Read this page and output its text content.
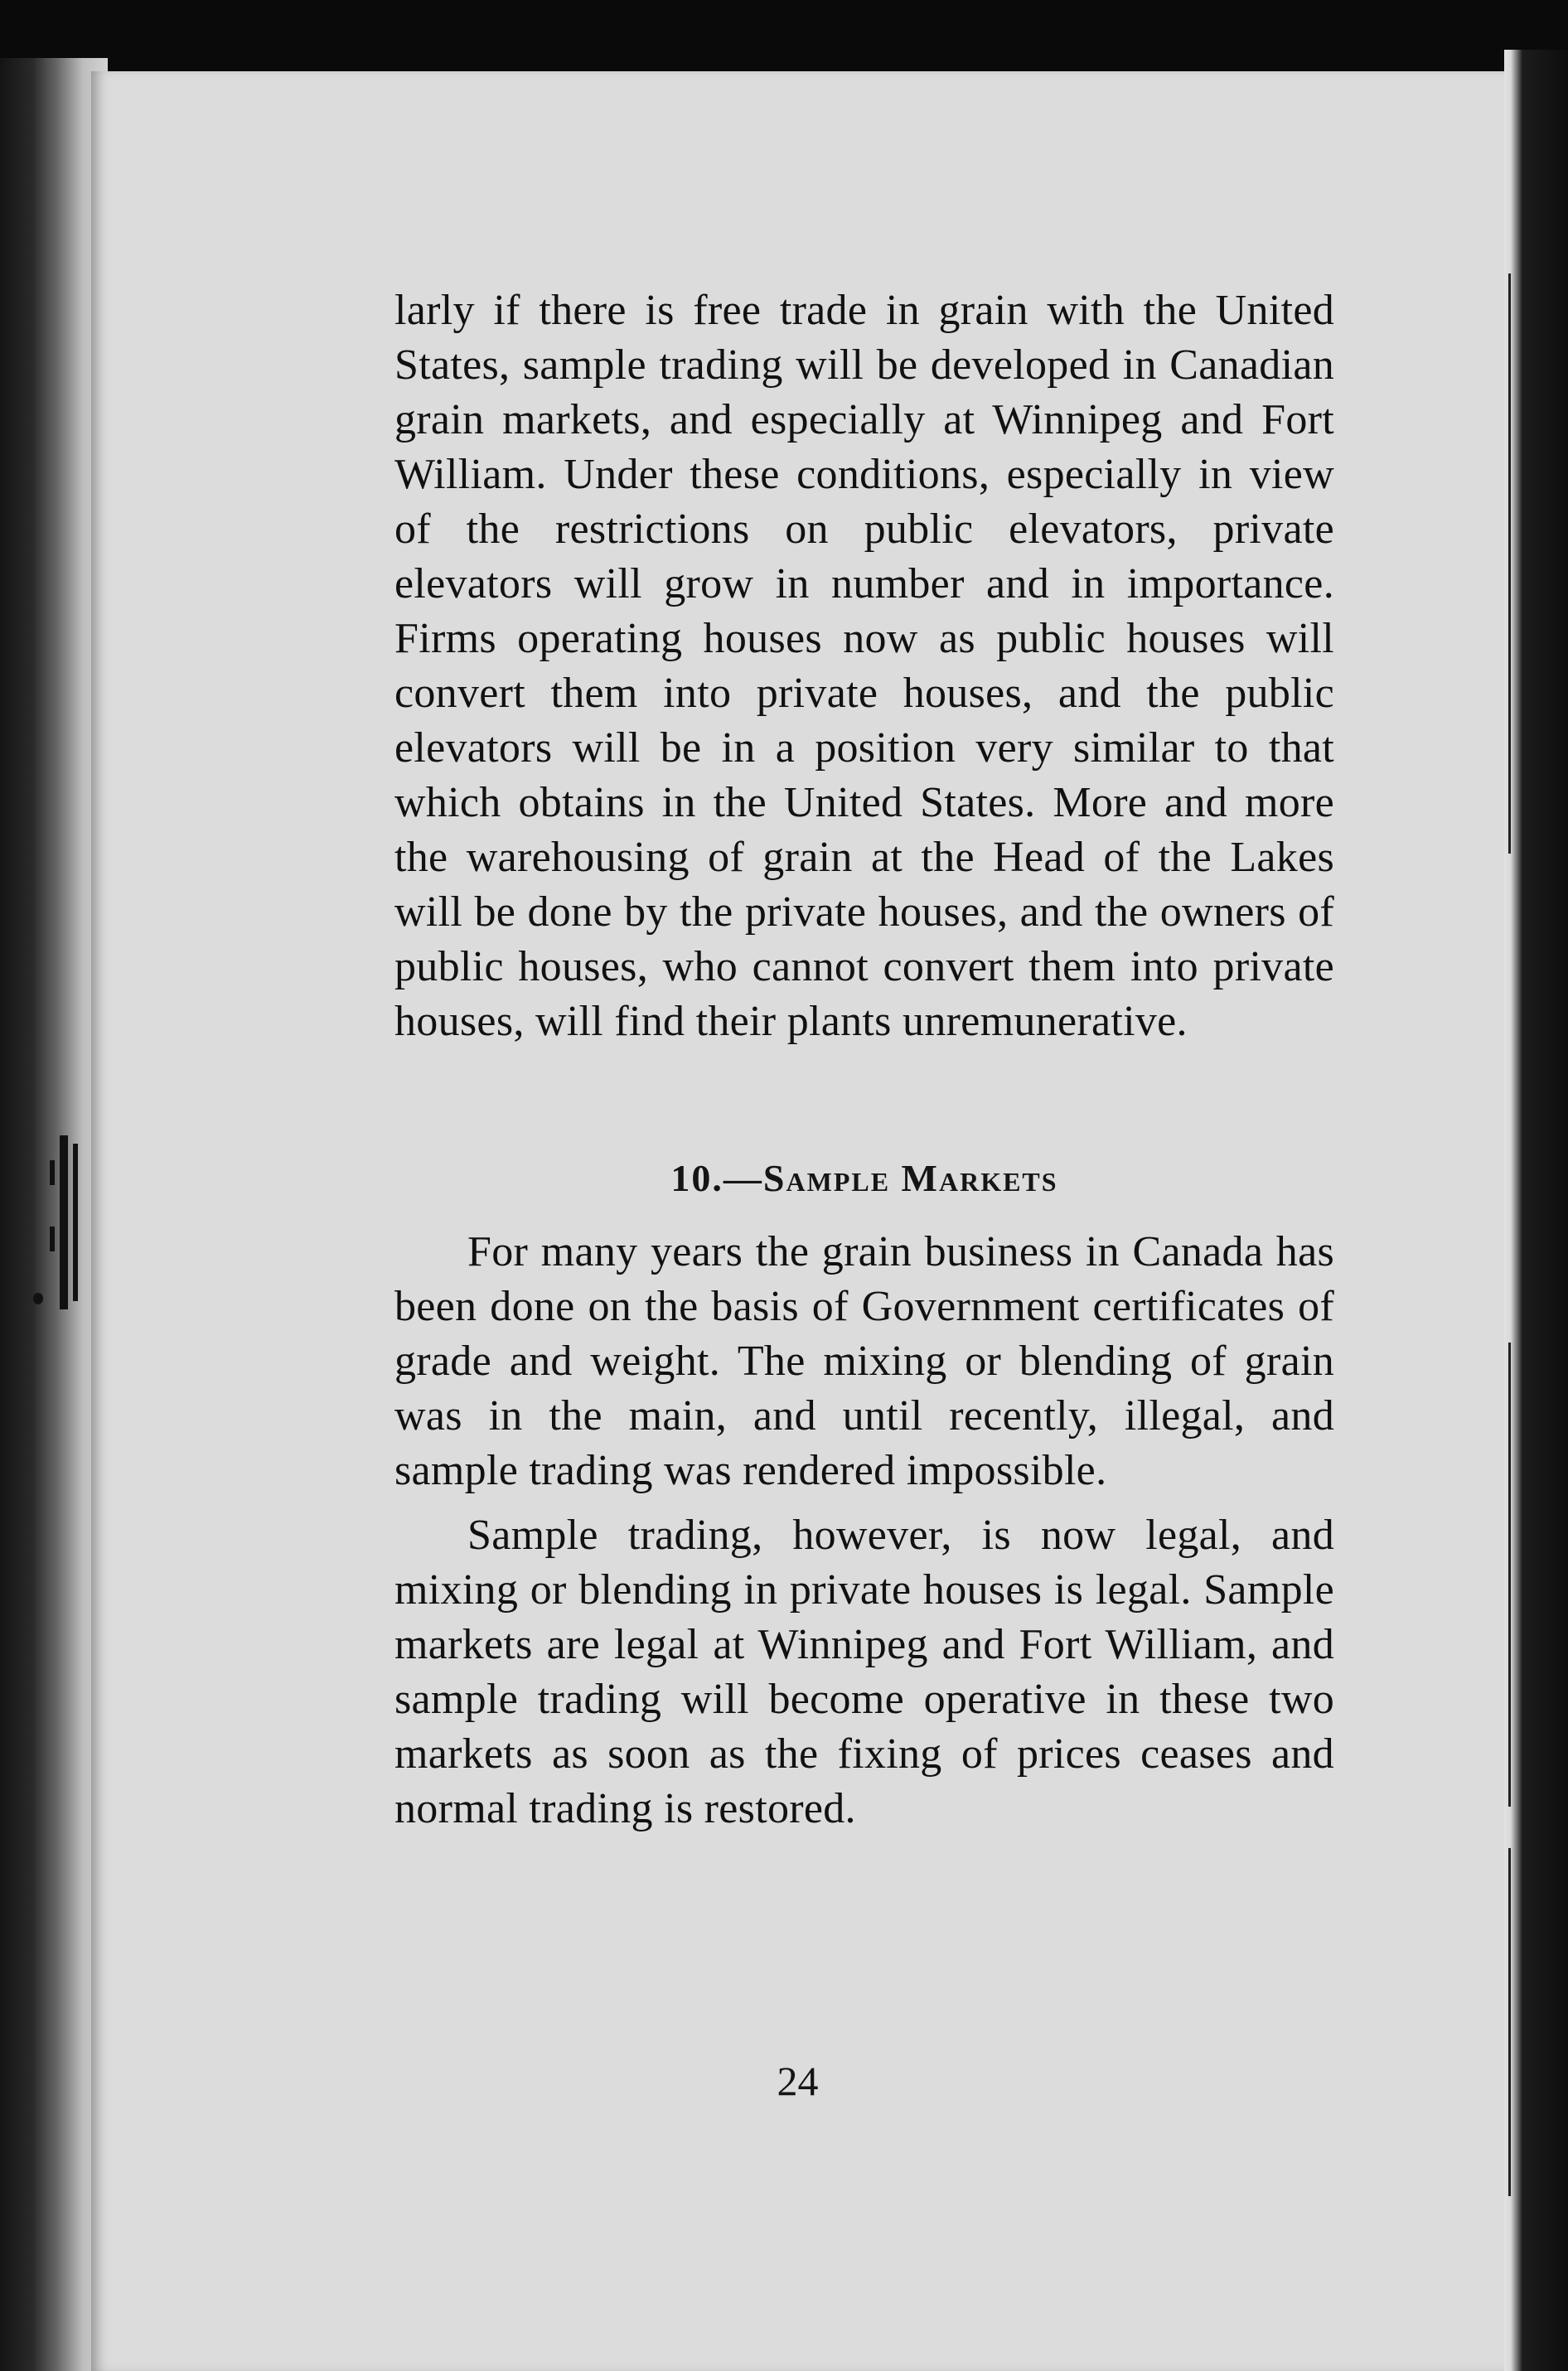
larly if there is free trade in grain with the United States, sample trading will be developed in Canadian grain markets, and especially at Winnipeg and Fort William. Under these conditions, especially in view of the restrictions on public elevators, private elevators will grow in number and in importance. Firms operating houses now as public houses will convert them into private houses, and the public elevators will be in a position very similar to that which obtains in the United States. More and more the warehousing of grain at the Head of the Lakes will be done by the private houses, and the owners of public houses, who cannot convert them into private houses, will find their plants unremunerative.

10.—Sample Markets

For many years the grain business in Canada has been done on the basis of Government certificates of grade and weight. The mixing or blending of grain was in the main, and until recently, illegal, and sample trading was rendered impossible.

Sample trading, however, is now legal, and mixing or blending in private houses is legal. Sample markets are legal at Winnipeg and Fort William, and sample trading will become operative in these two markets as soon as the fixing of prices ceases and normal trading is restored.

24
